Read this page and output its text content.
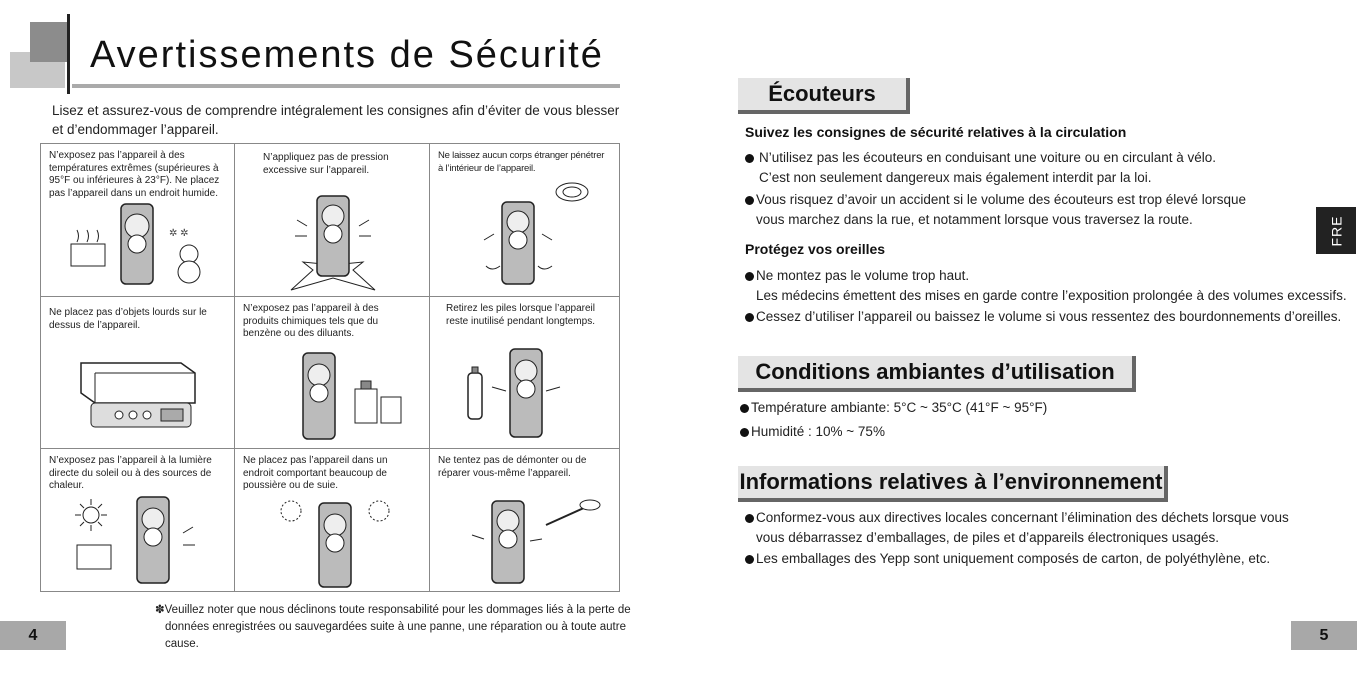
Avertissements de Sécurité

Lisez et assurez-vous de comprendre intégralement les consignes afin d’éviter de vous blesser et d’endommager l’appareil.

N’exposez pas l’appareil à des températures extrêmes (supérieures à 95°F ou inférieures à 23°F). Ne placez pas l’appareil dans un endroit humide.
✲ ✲
N’appliquez pas de pression excessive sur l’appareil.
Ne laissez aucun corps étranger pénétrer à l’intérieur de l’appareil.
Ne placez pas d’objets lourds sur le dessus de l’appareil.
N’exposez pas l’appareil à des produits chimiques tels que du benzène ou des diluants.
Retirez les piles lorsque l’appareil reste inutilisé pendant longtemps.
N’exposez pas l’appareil à la lumière directe du soleil ou à des sources de chaleur.
Ne placez pas l’appareil dans un endroit comportant beaucoup de poussière ou de suie.
Ne tentez pas de démonter ou de réparer vous-même l’appareil.
✽Veuillez noter que nous déclinons toute responsabilité pour les dommages liés à la perte de
données enregistrées ou sauvegardées suite à une panne, une réparation ou à toute autre cause.
4
Écouteurs
Suivez les consignes de sécurité relatives à la circulation
N’utilisez pas les écouteurs en conduisant une voiture ou en circulant à vélo.
C’est non seulement dangereux mais également interdit par la loi.
Vous risquez d’avoir un accident si le volume des écouteurs est trop élevé lorsque
vous marchez dans la rue, et notamment lorsque vous traversez la route.
Protégez vos oreilles
Ne montez pas le volume trop haut.
Les médecins émettent des mises en garde contre l’exposition prolongée à des volumes excessifs.
Cessez d’utiliser l’appareil ou baissez le volume si vous ressentez des bourdonnements d’oreilles.
Conditions ambiantes d’utilisation
Température ambiante: 5°C ~ 35°C (41°F ~ 95°F)
Humidité : 10% ~ 75%
Informations relatives à l’environnement
Conformez-vous aux directives locales concernant l’élimination des déchets lorsque vous
vous débarrassez d’emballages, de piles et d’appareils électroniques usagés.
Les emballages des Yepp sont uniquement composés de carton, de polyéthylène, etc.
FRE
5
